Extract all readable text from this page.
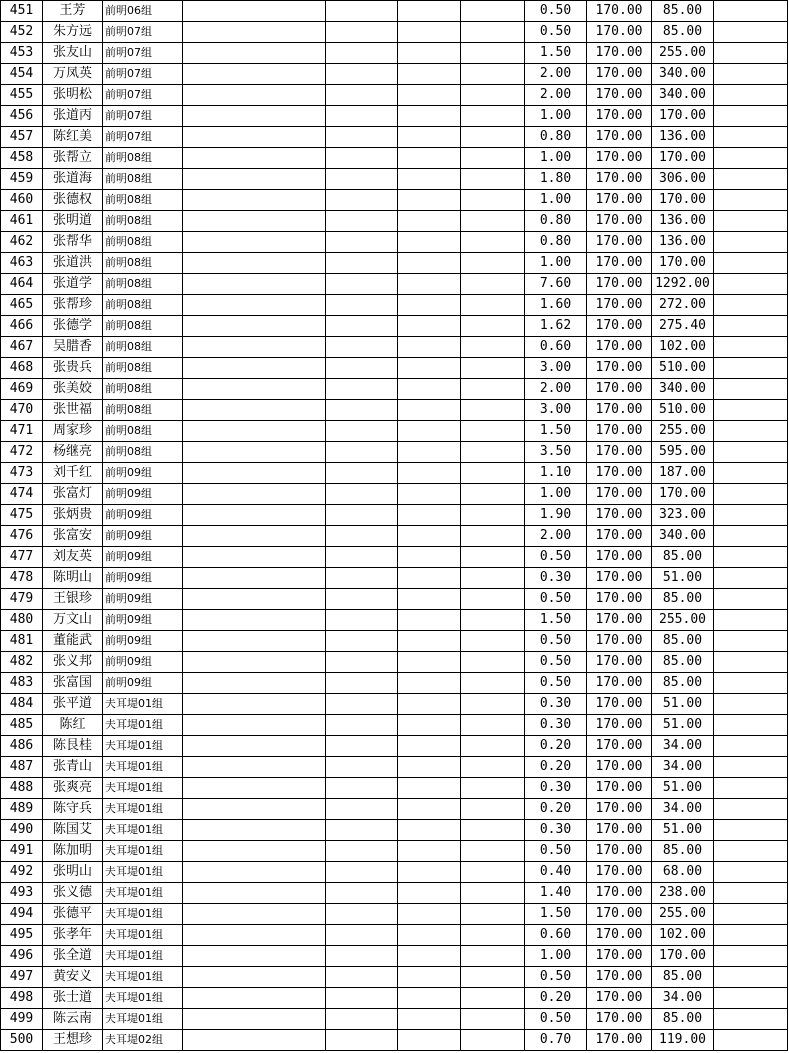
451	王芳	前明06组					0.50	170.00	85.00	
452	朱方远	前明07组					0.50	170.00	85.00	
453	张友山	前明07组					1.50	170.00	255.00	
454	万凤英	前明07组					2.00	170.00	340.00	
455	张明松	前明07组					2.00	170.00	340.00	
456	张道丙	前明07组					1.00	170.00	170.00	
457	陈红美	前明07组					0.80	170.00	136.00	
458	张帮立	前明08组					1.00	170.00	170.00	
459	张道海	前明08组					1.80	170.00	306.00	
460	张德权	前明08组					1.00	170.00	170.00	
461	张明道	前明08组					0.80	170.00	136.00	
462	张帮华	前明08组					0.80	170.00	136.00	
463	张道洪	前明08组					1.00	170.00	170.00	
464	张道学	前明08组					7.60	170.00	1292.00	
465	张帮珍	前明08组					1.60	170.00	272.00	
466	张德学	前明08组					1.62	170.00	275.40	
467	吴腊香	前明08组					0.60	170.00	102.00	
468	张贵兵	前明08组					3.00	170.00	510.00	
469	张美姣	前明08组					2.00	170.00	340.00	
470	张世福	前明08组					3.00	170.00	510.00	
471	周家珍	前明08组					1.50	170.00	255.00	
472	杨继亮	前明08组					3.50	170.00	595.00	
473	刘千红	前明09组					1.10	170.00	187.00	
474	张富灯	前明09组					1.00	170.00	170.00	
475	张炳贵	前明09组					1.90	170.00	323.00	
476	张富安	前明09组					2.00	170.00	340.00	
477	刘友英	前明09组					0.50	170.00	85.00	
478	陈明山	前明09组					0.30	170.00	51.00	
479	王银珍	前明09组					0.50	170.00	85.00	
480	万文山	前明09组					1.50	170.00	255.00	
481	董能武	前明09组					0.50	170.00	85.00	
482	张义邦	前明09组					0.50	170.00	85.00	
483	张富国	前明09组					0.50	170.00	85.00	
484	张平道	夫耳堤01组					0.30	170.00	51.00	
485	陈红	夫耳堤01组					0.30	170.00	51.00	
486	陈艮桂	夫耳堤01组					0.20	170.00	34.00	
487	张青山	夫耳堤01组					0.20	170.00	34.00	
488	张爽亮	夫耳堤01组					0.30	170.00	51.00	
489	陈守兵	夫耳堤01组					0.20	170.00	34.00	
490	陈国艾	夫耳堤01组					0.30	170.00	51.00	
491	陈加明	夫耳堤01组					0.50	170.00	85.00	
492	张明山	夫耳堤01组					0.40	170.00	68.00	
493	张义德	夫耳堤01组					1.40	170.00	238.00	
494	张德平	夫耳堤01组					1.50	170.00	255.00	
495	张孝年	夫耳堤01组					0.60	170.00	102.00	
496	张全道	夫耳堤01组					1.00	170.00	170.00	
497	黄安义	夫耳堤01组					0.50	170.00	85.00	
498	张士道	夫耳堤01组					0.20	170.00	34.00	
499	陈云南	夫耳堤01组					0.50	170.00	85.00	
500	王想珍	夫耳堤02组					0.70	170.00	119.00	
